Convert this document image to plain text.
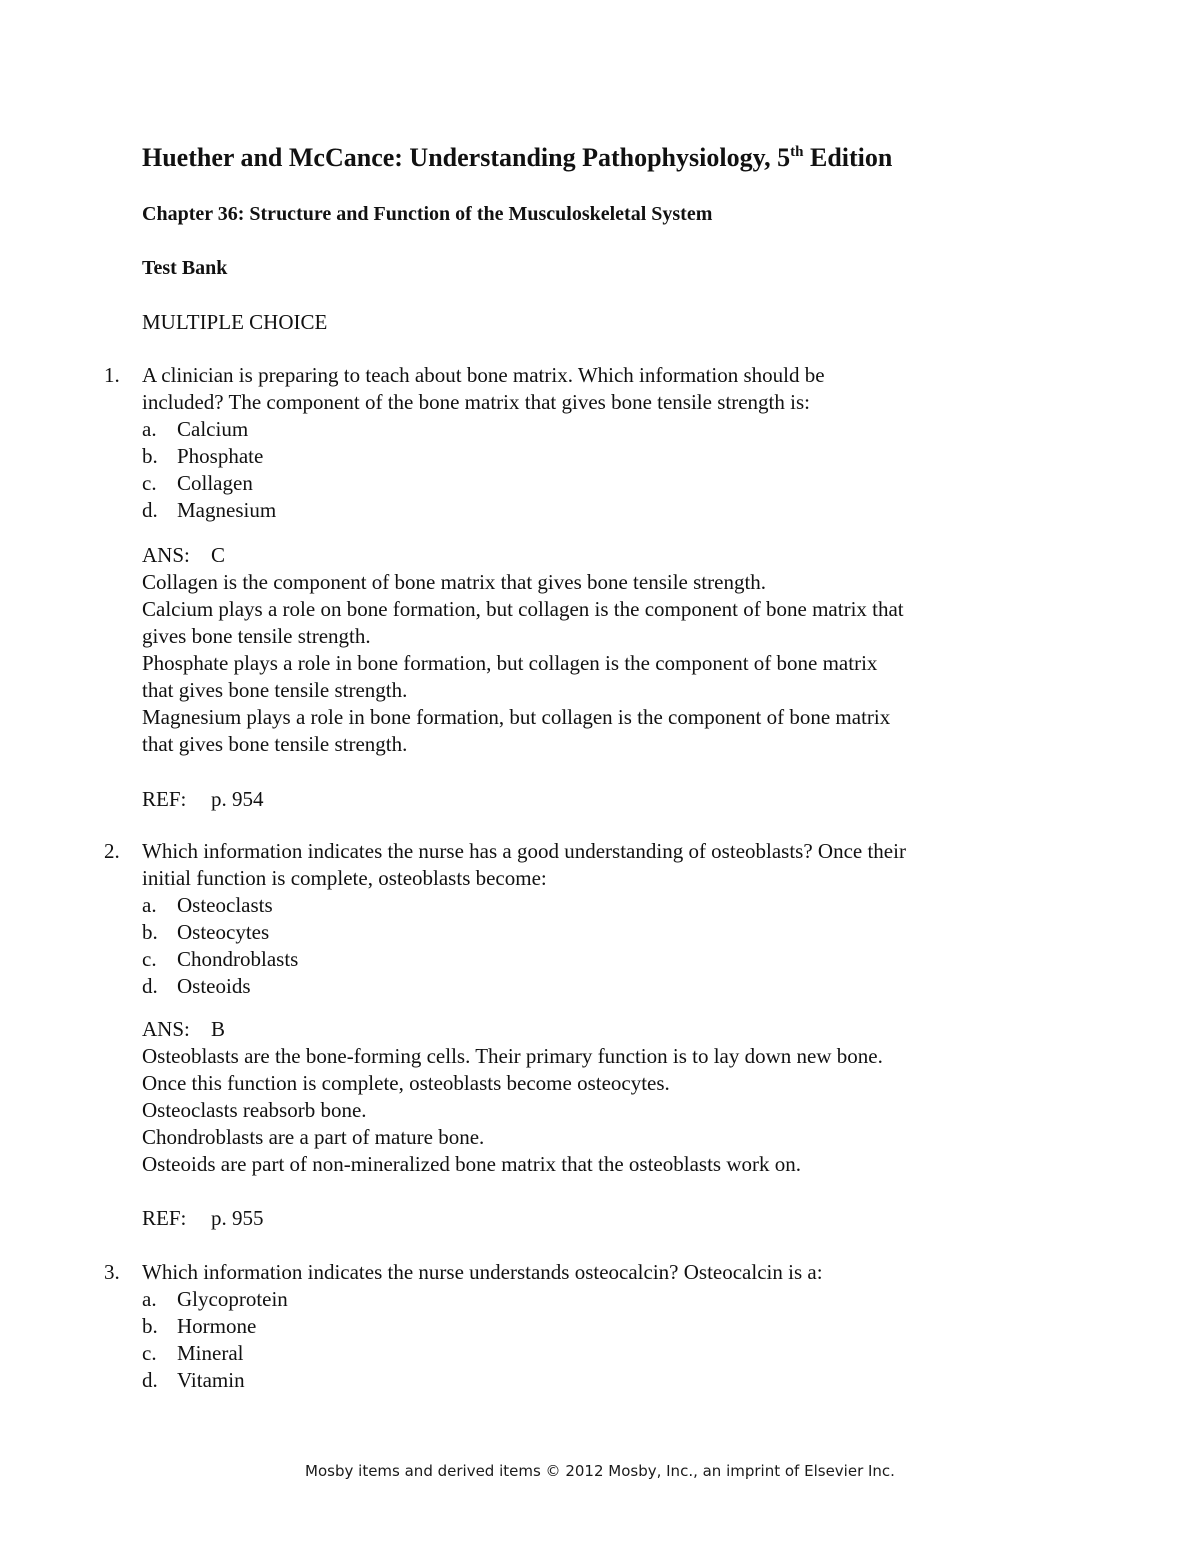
Huether and McCance: Understanding Pathophysiology, 5th Edition
Chapter 36: Structure and Function of the Musculoskeletal System
Test Bank
MULTIPLE CHOICE
1. A clinician is preparing to teach about bone matrix. Which information should be
included? The component of the bone matrix that gives bone tensile strength is:
a. Calcium
b. Phosphate
c. Collagen
d. Magnesium
ANS: C
Collagen is the component of bone matrix that gives bone tensile strength.
Calcium plays a role on bone formation, but collagen is the component of bone matrix that
gives bone tensile strength.
Phosphate plays a role in bone formation, but collagen is the component of bone matrix
that gives bone tensile strength.
Magnesium plays a role in bone formation, but collagen is the component of bone matrix
that gives bone tensile strength.
REF: p. 954
2. Which information indicates the nurse has a good understanding of osteoblasts? Once their
initial function is complete, osteoblasts become:
a. Osteoclasts
b. Osteocytes
c. Chondroblasts
d. Osteoids
ANS: B
Osteoblasts are the bone-forming cells. Their primary function is to lay down new bone.
Once this function is complete, osteoblasts become osteocytes.
Osteoclasts reabsorb bone.
Chondroblasts are a part of mature bone.
Osteoids are part of non-mineralized bone matrix that the osteoblasts work on.
REF: p. 955
3. Which information indicates the nurse understands osteocalcin? Osteocalcin is a:
a. Glycoprotein
b. Hormone
c. Mineral
d. Vitamin
Mosby items and derived items © 2012 Mosby, Inc., an imprint of Elsevier Inc.
